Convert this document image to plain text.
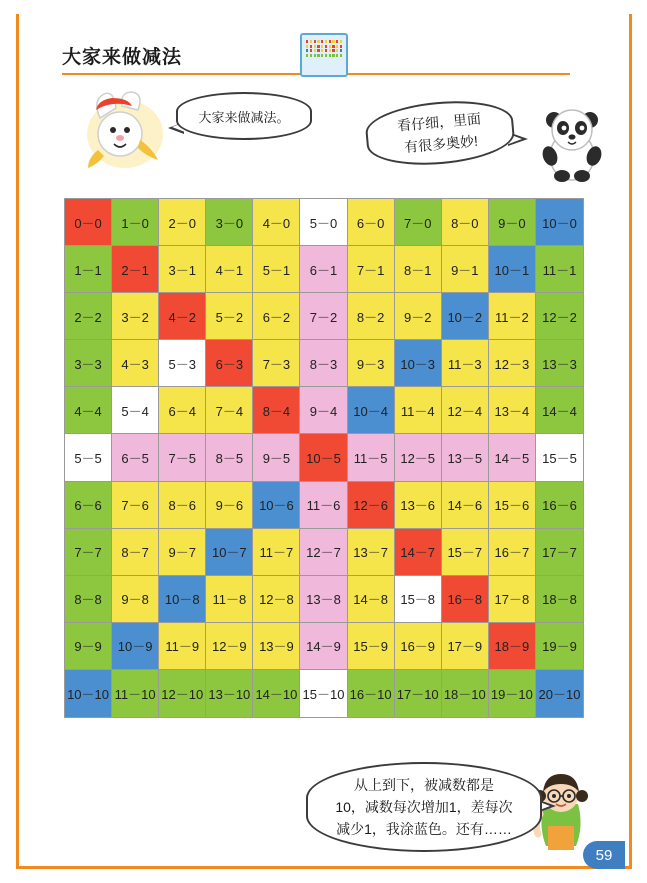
大家来做减法
大家来做减法。	看仔细，里面
有很多奥妙!
从上到下，被减数都是
10，减数每次增加1，差每次
减少1，我涂蓝色。还有……
0－0	1－0	2－0	3－0	4－0	5－0	6－0	7－0	8－0	9－0	10－0
1－1	2－1	3－1	4－1	5－1	6－1	7－1	8－1	9－1	10－1	11－1
2－2	3－2	4－2	5－2	6－2	7－2	8－2	9－2	10－2 11－2	12－2
3－3	4－3	5－3	6－3	7－3	8－3	9－3	10－3 11－3 12－3 13－3
4－4	5－4	6－4	7－4	8－4	9－4	10－4 11－4 12－4 13－4 14－4
5－5	6－5	7－5	8－5	9－5	10－5 11－5 12－5 13－5 14－5 15－5
6－6	7－6	8－6	9－6	10－6 11－6 12－6 13－6 14－6 15－6 16－6
7－7	8－7	9－7	10－7 11－7 12－7 13－7 14－7 15－7 16－7 17－7
8－8	9－8	10－8 11－8 12－8 13－8 14－8 15－8 16－8 17－8 18－8
9－9	10－9 11－9 12－9 13－9 14－9 15－9 16－9 17－9 18－9 19－9
10－10 11－10 12－10 13－10 14－10 15－10 16－10 17－10 18－10 19－10 20－10
59
